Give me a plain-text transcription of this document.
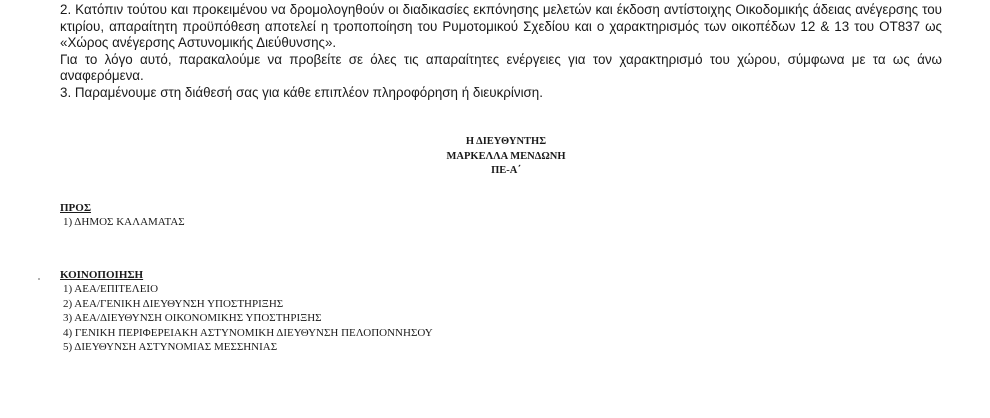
2. Κατόπιν τούτου και προκειμένου να δρομολογηθούν οι διαδικασίες εκπόνησης μελετών και έκδοση αντίστοιχης Οικοδομικής άδειας ανέγερσης του κτιρίου, απαραίτητη προϋπόθεση αποτελεί η τροποποίηση του Ρυμοτομικού Σχεδίου και ο χαρακτηρισμός των οικοπέδων 12 & 13 του ΟΤ837 ως «Χώρος ανέγερσης Αστυνομικής Διεύθυνσης».

Για το λόγο αυτό, παρακαλούμε να προβείτε σε όλες τις απαραίτητες ενέργειες για τον χαρακτηρισμό του χώρου, σύμφωνα με τα ως άνω αναφερόμενα.

3. Παραμένουμε στη διάθεσή σας για κάθε επιπλέον πληροφόρηση ή διευκρίνιση.

Η ΔΙΕΥΘΥΝΤΗΣ
ΜΑΡΚΕΛΛΑ ΜΕΝΔΩΝΗ
ΠΕ-Α΄
ΠΡΟΣ
1) ΔΗΜΟΣ ΚΑΛΑΜΑΤΑΣ
ΚΟΙΝΟΠΟΙΗΣΗ
1) ΑΕΑ/ΕΠΙΤΕΛΕΙΟ
2) ΑΕΑ/ΓΕΝΙΚΗ ΔΙΕΥΘΥΝΣΗ ΥΠΟΣΤΗΡΙΞΗΣ
3) ΑΕΑ/ΔΙΕΥΘΥΝΣΗ ΟΙΚΟΝΟΜΙΚΗΣ ΥΠΟΣΤΗΡΙΞΗΣ
4) ΓΕΝΙΚΗ ΠΕΡΙΦΕΡΕΙΑΚΗ ΑΣΤΥΝΟΜΙΚΗ ΔΙΕΥΘΥΝΣΗ ΠΕΛΟΠΟΝΝΗΣΟΥ
5) ΔΙΕΥΘΥΝΣΗ ΑΣΤΥΝΟΜΙΑΣ ΜΕΣΣΗΝΙΑΣ
